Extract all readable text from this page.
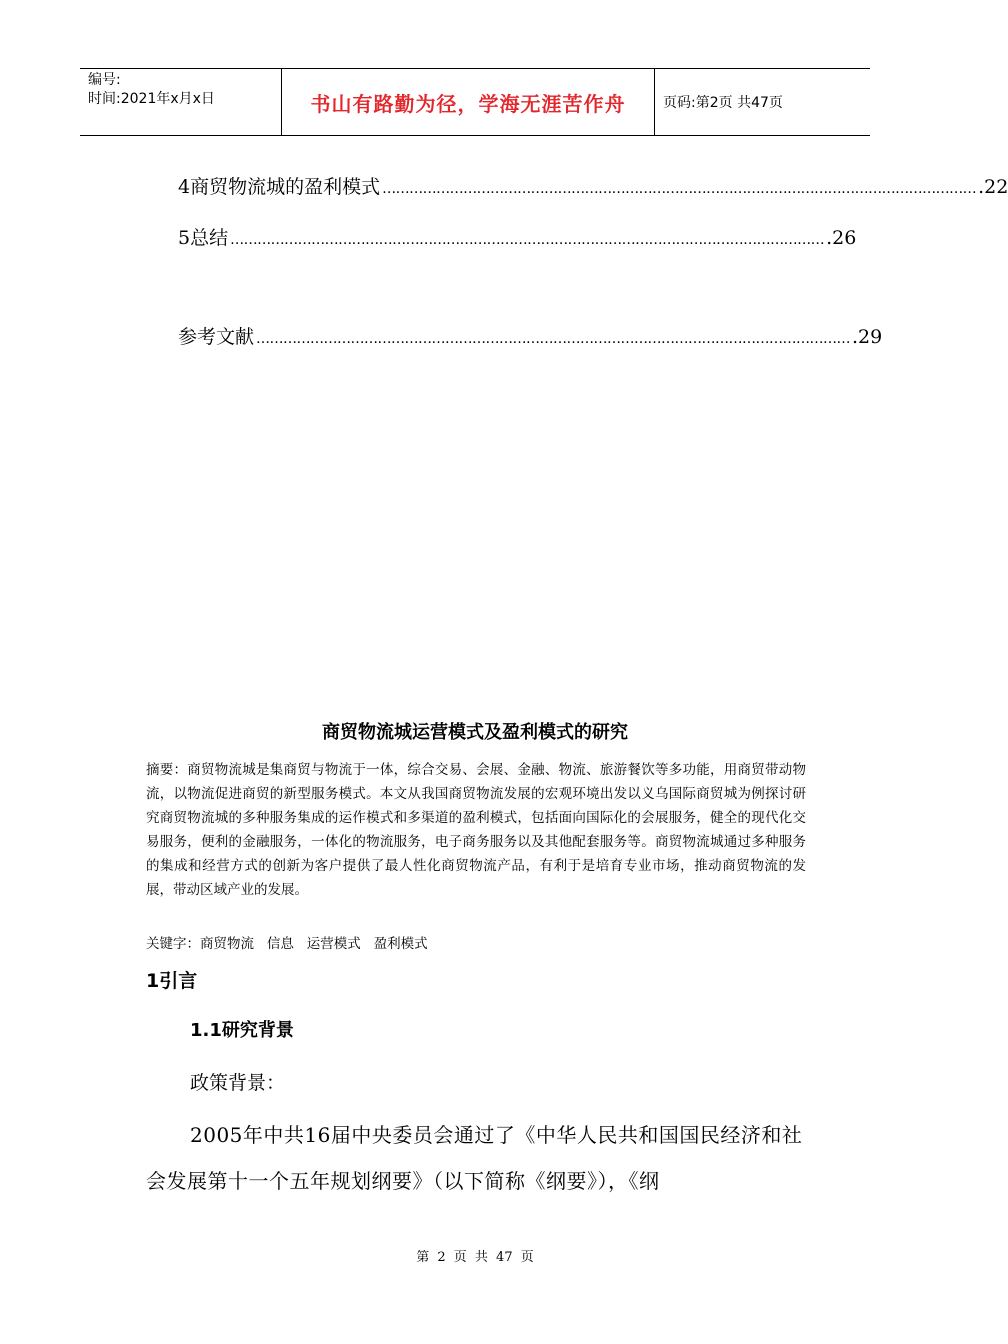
编号:
时间:2021年x月x日	书山有路勤为径，学海无涯苦作舟	页码:第2页 共47页
4商贸物流城的盈利模式 …………………………………………………………………………………………………………………… .22
5总结 …………………………………………………………………………………………………………………… .26
参考文献 …………………………………………………………………………………………………………………… .29
商贸物流城运营模式及盈利模式的研究
摘要：商贸物流城是集商贸与物流于一体，综合交易、会展、金融、物流、旅游餐饮等多功能，用商贸带动物流，以物流促进商贸的新型服务模式。本文从我国商贸物流发展的宏观环境出发以义乌国际商贸城为例探讨研究商贸物流城的多种服务集成的运作模式和多渠道的盈利模式，包括面向国际化的会展服务，健全的现代化交易服务，便利的金融服务，一体化的物流服务，电子商务服务以及其他配套服务等。商贸物流城通过多种服务的集成和经营方式的创新为客户提供了最人性化商贸物流产品，有利于是培育专业市场，推动商贸物流的发展，带动区域产业的发展。
关键字：商贸物流   信息   运营模式   盈利模式
1引言
1.1研究背景
政策背景：
2005年中共16届中央委员会通过了《中华人民共和国国民经济和社会发展第十一个五年规划纲要》（以下简称《纲要》），《纲
第 2 页 共 47 页
